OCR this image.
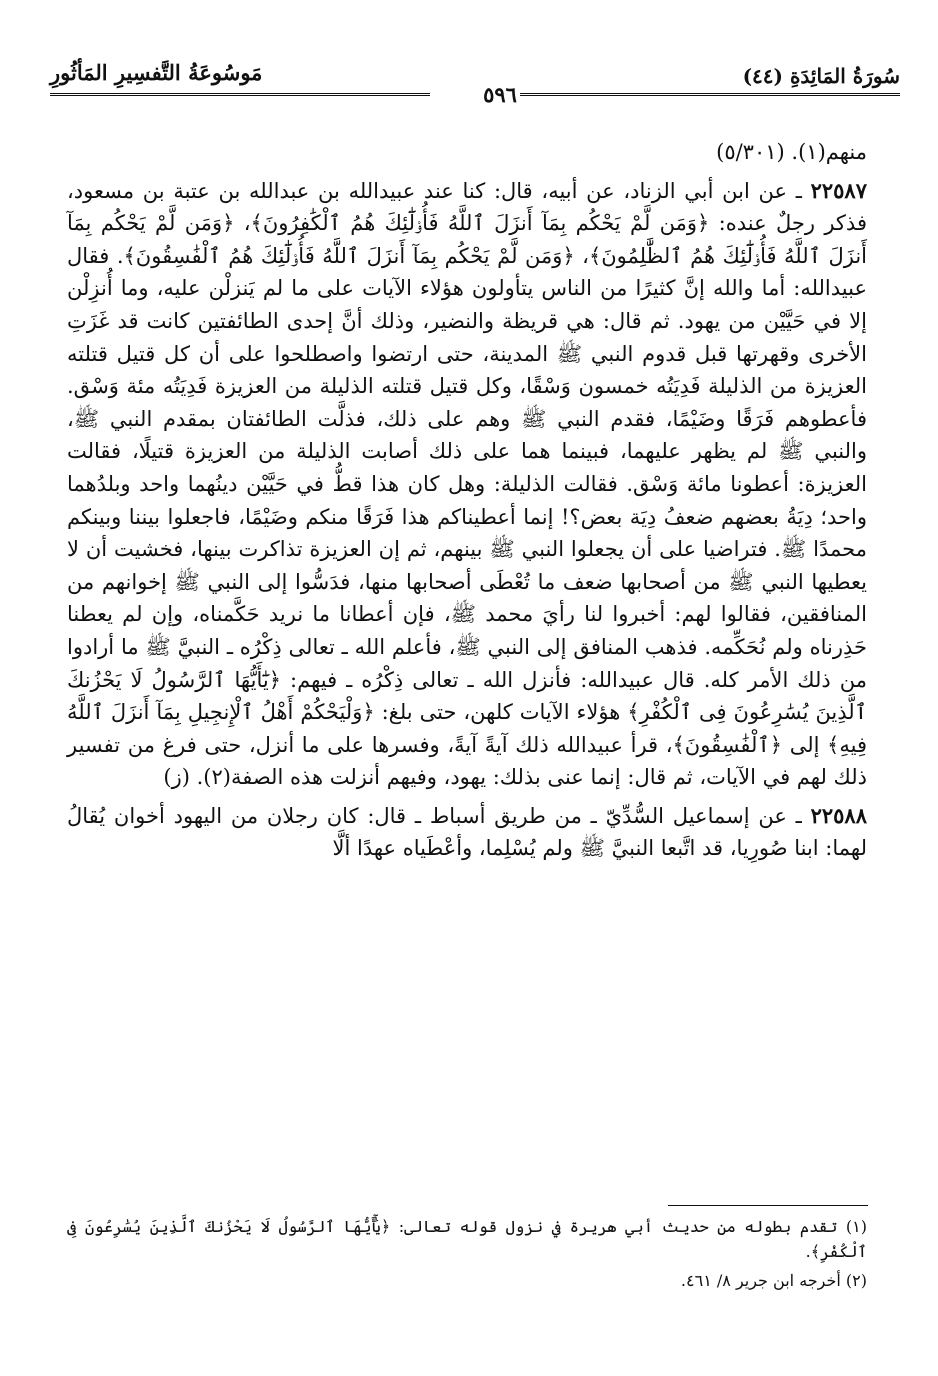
سُورَةُ المَائِدَةِ (٤٤)
مَوسُوعَةُ التَّفسِيرِ المَأثُورِ
٥٩٦

منهم(١). (٥/٣٠١)

٢٢٥٨٧ ـ عن ابن أبي الزناد، عن أبيه، قال: كنا عند عبيدالله بن عبدالله بن عتبة بن مسعود، فذكر رجلٌ عنده: ﴿وَمَن لَّمْ يَحْكُم بِمَآ أَنزَلَ ٱللَّهُ فَأُو۟لَٰٓئِكَ هُمُ ٱلْكَٰفِرُونَ﴾، ﴿وَمَن لَّمْ يَحْكُم بِمَآ أَنزَلَ ٱللَّهُ فَأُو۟لَٰٓئِكَ هُمُ ٱلظَّٰلِمُونَ﴾، ﴿وَمَن لَّمْ يَحْكُم بِمَآ أَنزَلَ ٱللَّهُ فَأُو۟لَٰٓئِكَ هُمُ ٱلْفَٰسِقُونَ﴾. فقال عبيدالله: أما والله إنَّ كثيرًا من الناس يتأولون هؤلاء الآيات على ما لم يَنزلْن عليه، وما أُنزِلْن إلا في حَيَّيْن من يهود. ثم قال: هي قريظة والنضير، وذلك أنَّ إحدى الطائفتين كانت قد غَزَتِ الأخرى وقهرتها قبل قدوم النبي ﷺ المدينة، حتى ارتضوا واصطلحوا على أن كل قتيل قتلته العزيزة من الذليلة فَدِيَتُه خمسون وَسْقًا، وكل قتيل قتلته الذليلة من العزيزة فَدِيَتُه مئة وَسْق. فأعطوهم فَرَقًا وضَيْمًا، فقدم النبي ﷺ وهم على ذلك، فذلَّت الطائفتان بمقدم النبي ﷺ، والنبي ﷺ لم يظهر عليهما، فبينما هما على ذلك أصابت الذليلة من العزيزة قتيلًا، فقالت العزيزة: أعطونا مائة وَسْق. فقالت الذليلة: وهل كان هذا قطُّ في حَيَّيْن دينُهما واحد وبلدُهما واحد؛ دِيَةُ بعضهم ضعفُ دِيَة بعض؟! إنما أعطيناكم هذا فَرَقًا منكم وضَيْمًا، فاجعلوا بيننا وبينكم محمدًا ﷺ. فتراضيا على أن يجعلوا النبي ﷺ بينهم، ثم إن العزيزة تذاكرت بينها، فخشيت أن لا يعطيها النبي ﷺ من أصحابها ضعف ما تُعْطَى أصحابها منها، فدَسُّوا إلى النبي ﷺ إخوانهم من المنافقين، فقالوا لهم: أخبروا لنا رأيَ محمد ﷺ، فإن أعطانا ما نريد حَكَّمناه، وإن لم يعطنا حَذِرناه ولم نُحَكِّمه. فذهب المنافق إلى النبي ﷺ، فأعلم الله ـ تعالى ذِكْرُه ـ النبيَّ ﷺ ما أرادوا من ذلك الأمر كله. قال عبيدالله: فأنزل الله ـ تعالى ذِكْرُه ـ فيهم: ﴿يَٰٓأَيُّهَا ٱلرَّسُولُ لَا يَحْزُنكَ ٱلَّذِينَ يُسَٰرِعُونَ فِى ٱلْكُفْرِ﴾ هؤلاء الآيات كلهن، حتى بلغ: ﴿وَلْيَحْكُمْ أَهْلُ ٱلْإِنجِيلِ بِمَآ أَنزَلَ ٱللَّهُ فِيهِ﴾ إلى ﴿ٱلْفَٰسِقُونَ﴾، قرأ عبيدالله ذلك آيةً آيةً، وفسرها على ما أنزل، حتى فرغ من تفسير ذلك لهم في الآيات، ثم قال: إنما عنى بذلك: يهود، وفيهم أنزلت هذه الصفة(٢). (ز)

٢٢٥٨٨ ـ عن إسماعيل السُّدِّيّ ـ من طريق أسباط ـ قال: كان رجلان من اليهود أخوان يُقالُ لهما: ابنا صُورِيا، قد اتَّبعا النبيَّ ﷺ ولم يُسْلِما، وأعْطَياه عهدًا ألَّا

(١) تقدم بطوله من حديث أبي هريرة في نزول قوله تعالى: ﴿يَٰٓأَيُّهَا ٱلرَّسُولُ لَا يَحْزُنكَ ٱلَّذِينَ يُسَٰرِعُونَ فِى ٱلْكُفْرِ﴾.

(٢) أخرجه ابن جرير ٨/ ٤٦١.
